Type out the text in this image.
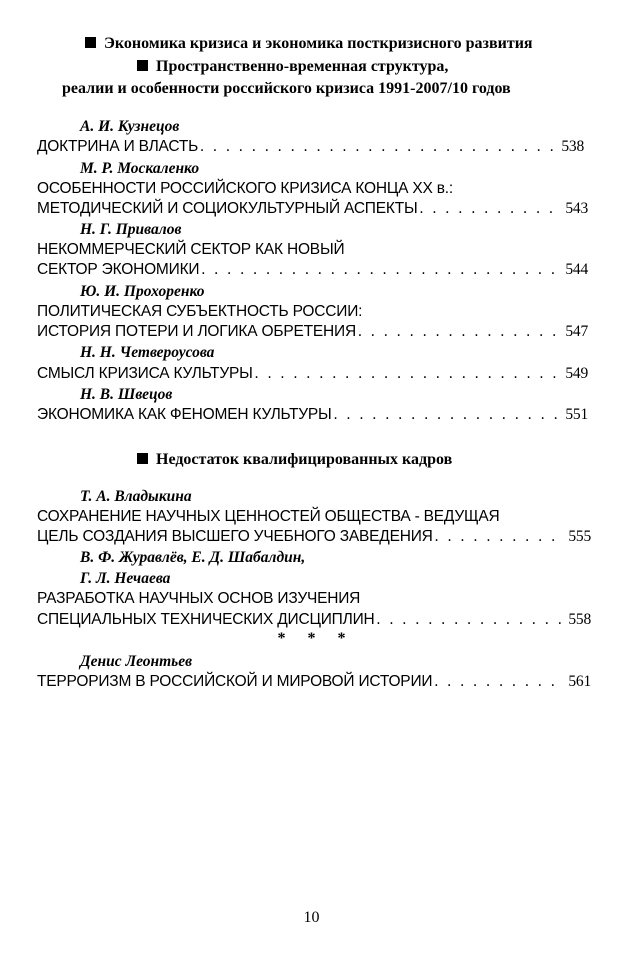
Экономика кризиса и экономика посткризисного развития
Пространственно-временная структура,
реалии и особенности российского кризиса 1991-2007/10 годов
А. И. Кузнецов
ДОКТРИНА И ВЛАСТЬ . . .	538
М. Р. Москаленко
ОСОБЕННОСТИ РОССИЙСКОГО КРИЗИСА КОНЦА XX в.:
МЕТОДИЧЕСКИЙ И СОЦИОКУЛЬТУРНЫЙ АСПЕКТЫ . . .	543
Н. Г. Привалов
НЕКОММЕРЧЕСКИЙ СЕКТОР КАК НОВЫЙ
СЕКТОР ЭКОНОМИКИ . . .	544
Ю. И. Прохоренко
ПОЛИТИЧЕСКАЯ СУБЪЕКТНОСТЬ РОССИИ:
ИСТОРИЯ ПОТЕРИ И ЛОГИКА ОБРЕТЕНИЯ . . .	547
Н. Н. Четвероусова
СМЫСЛ КРИЗИСА КУЛЬТУРЫ . . .	549
Н. В. Швецов
ЭКОНОМИКА КАК ФЕНОМЕН КУЛЬТУРЫ . . .	551
Недостаток квалифицированных кадров
Т. А. Владыкина
СОХРАНЕНИЕ НАУЧНЫХ ЦЕННОСТЕЙ ОБЩЕСТВА - ВЕДУЩАЯ
ЦЕЛЬ СОЗДАНИЯ ВЫСШЕГО УЧЕБНОГО ЗАВЕДЕНИЯ . . .	555
В. Ф. Журавлёв, Е. Д. Шабалдин,
Г. Л. Нечаева
РАЗРАБОТКА НАУЧНЫХ ОСНОВ ИЗУЧЕНИЯ
СПЕЦИАЛЬНЫХ ТЕХНИЧЕСКИХ ДИСЦИПЛИН . . .	558
* * *
Денис Леонтьев
ТЕРРОРИЗМ В РОССИЙСКОЙ И МИРОВОЙ ИСТОРИИ . . .	561
10
